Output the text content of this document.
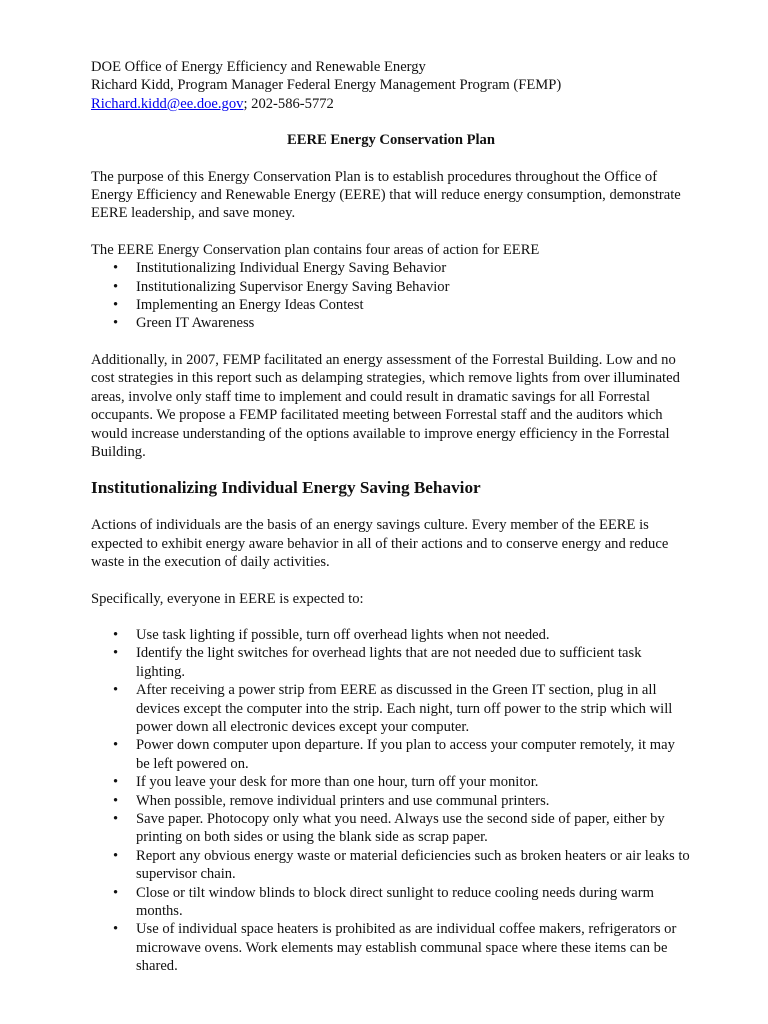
DOE Office of Energy Efficiency and Renewable Energy

Richard Kidd, Program Manager Federal Energy Management Program (FEMP)

Richard.kidd@ee.doe.gov; 202-586-5772

EERE Energy Conservation Plan

The purpose of this Energy Conservation Plan is to establish procedures throughout the Office of Energy Efficiency and Renewable Energy (EERE) that will reduce energy consumption, demonstrate EERE leadership, and save money.

The EERE Energy Conservation plan contains four areas of action for EERE

• Institutionalizing Individual Energy Saving Behavior
• Institutionalizing Supervisor Energy Saving Behavior
• Implementing an Energy Ideas Contest
• Green IT Awareness

Additionally, in 2007, FEMP facilitated an energy assessment of the Forrestal Building. Low and no cost strategies in this report such as delamping strategies, which remove lights from over illuminated areas, involve only staff time to implement and could result in dramatic savings for all Forrestal occupants. We propose a FEMP facilitated meeting between Forrestal staff and the auditors which would increase understanding of the options available to improve energy efficiency in the Forrestal Building.

Institutionalizing Individual Energy Saving Behavior

Actions of individuals are the basis of an energy savings culture. Every member of the EERE is expected to exhibit energy aware behavior in all of their actions and to conserve energy and reduce waste in the execution of daily activities.

Specifically, everyone in EERE is expected to:

• Use task lighting if possible, turn off overhead lights when not needed.
• Identify the light switches for overhead lights that are not needed due to sufficient task lighting.
• After receiving a power strip from EERE as discussed in the Green IT section, plug in all devices except the computer into the strip. Each night, turn off power to the strip which will power down all electronic devices except your computer.
• Power down computer upon departure. If you plan to access your computer remotely, it may be left powered on.
• If you leave your desk for more than one hour, turn off your monitor.
• When possible, remove individual printers and use communal printers.
• Save paper. Photocopy only what you need. Always use the second side of paper, either by printing on both sides or using the blank side as scrap paper.
• Report any obvious energy waste or material deficiencies such as broken heaters or air leaks to supervisor chain.
• Close or tilt window blinds to block direct sunlight to reduce cooling needs during warm months.
• Use of individual space heaters is prohibited as are individual coffee makers, refrigerators or microwave ovens. Work elements may establish communal space where these items can be shared.
